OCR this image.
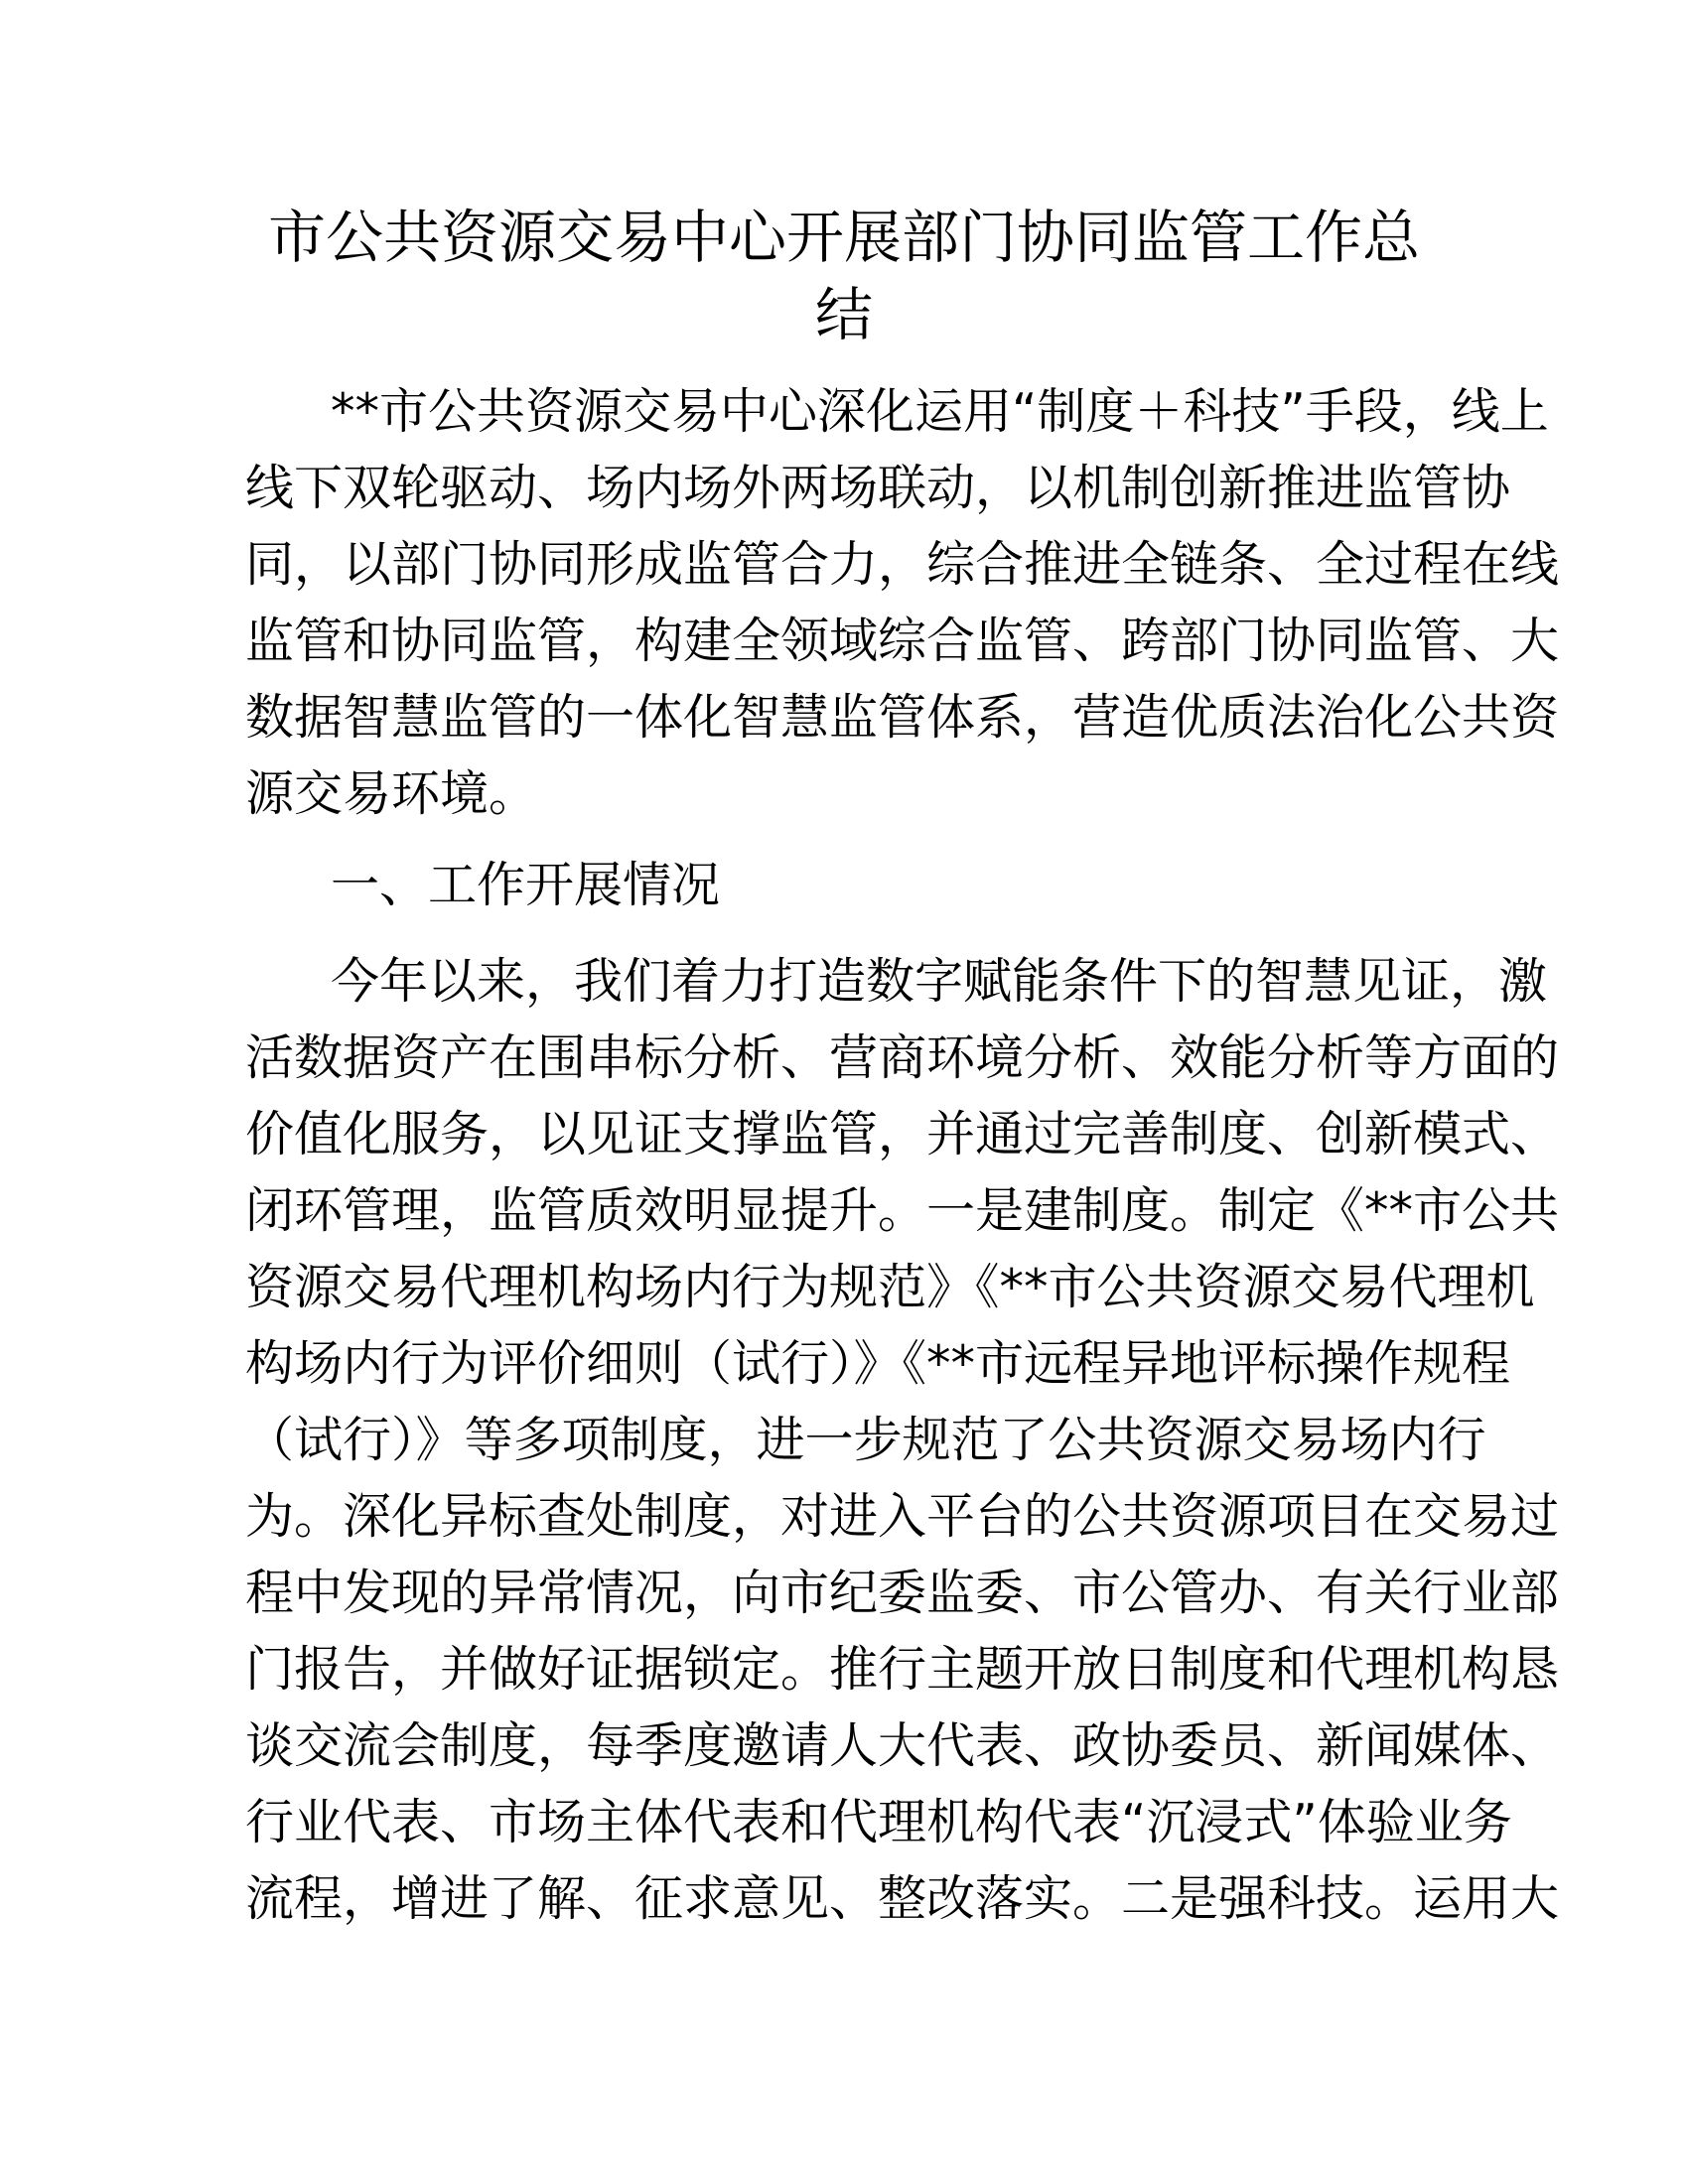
市公共资源交易中心开展部门协同监管工作总
结
**市公共资源交易中心深化运用“制度＋科技”手段，线上
线下双轮驱动、场内场外两场联动，以机制创新推进监管协
同，以部门协同形成监管合力，综合推进全链条、全过程在线
监管和协同监管，构建全领域综合监管、跨部门协同监管、大
数据智慧监管的一体化智慧监管体系，营造优质法治化公共资
源交易环境。
一、工作开展情况
今年以来，我们着力打造数字赋能条件下的智慧见证，激
活数据资产在围串标分析、营商环境分析、效能分析等方面的
价值化服务，以见证支撑监管，并通过完善制度、创新模式、
闭环管理，监管质效明显提升。一是建制度。制定《**市公共
资源交易代理机构场内行为规范》《**市公共资源交易代理机
构场内行为评价细则（试行）》《**市远程异地评标操作规程
（试行）》等多项制度，进一步规范了公共资源交易场内行
为。深化异标查处制度，对进入平台的公共资源项目在交易过
程中发现的异常情况，向市纪委监委、市公管办、有关行业部
门报告，并做好证据锁定。推行主题开放日制度和代理机构恳
谈交流会制度，每季度邀请人大代表、政协委员、新闻媒体、
行业代表、市场主体代表和代理机构代表“沉浸式”体验业务
流程，增进了解、征求意见、整改落实。二是强科技。运用大
